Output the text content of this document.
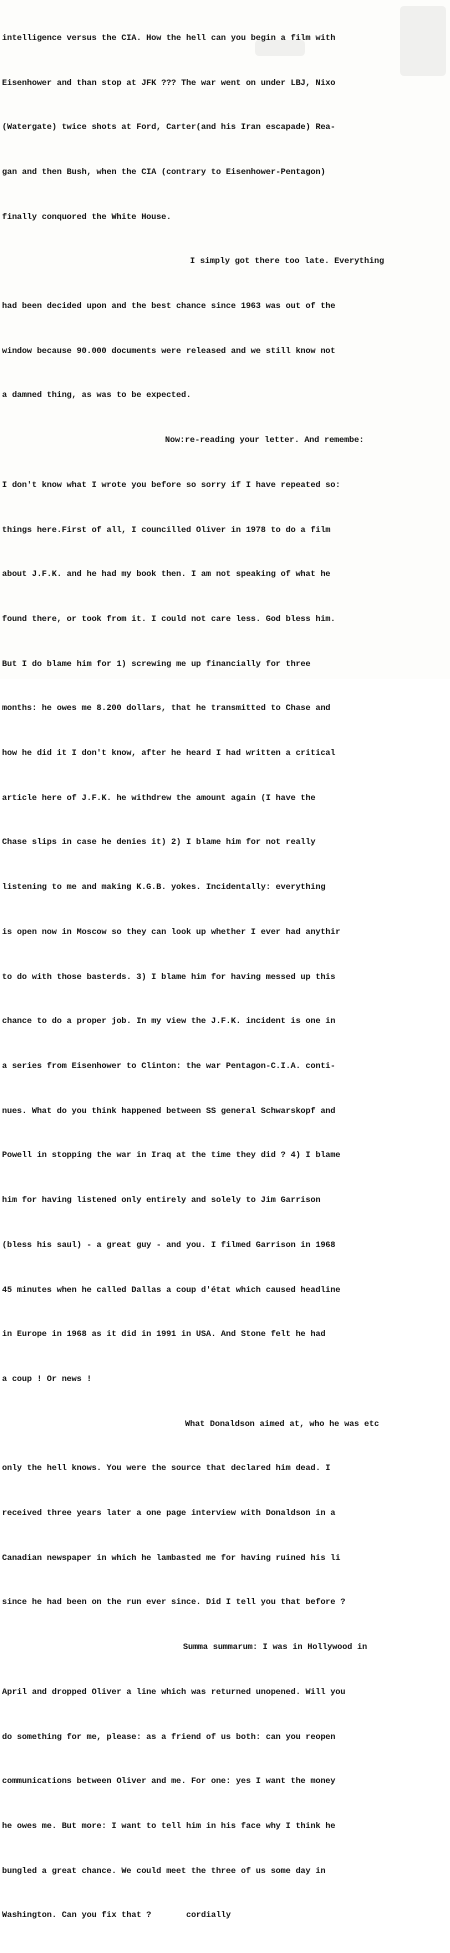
intelligence versus the CIA. How the hell can you begin a film with

Eisenhower and than stop at JFK ??? The war went on under LBJ, Nixo

(Watergate) twice shots at Ford, Carter(and his Iran escapade) Rea-

gan and then Bush, when the CIA (contrary to Eisenhower-Pentagon)

finally conquored the White House.

I simply got there too late. Everything

had been decided upon and the best chance since 1963 was out of the

window because 90.000 documents were released and we still know not

a damned thing, as was to be expected.

Now:re-reading your letter. And remembe:

I don't know what I wrote you before so sorry if I have repeated so:

things here.First of all, I councilled Oliver in 1978 to do a film

about J.F.K. and he had my book then. I am not speaking of what he

found there, or took from it. I could not care less. God bless him.

But I do blame him for 1) screwing me up financially for three

months: he owes me 8.200 dollars, that he transmitted to Chase and

how he did it I don't know, after he heard I had written a critical

article here of J.F.K. he withdrew the amount again (I have the

Chase slips in case he denies it) 2) I blame him for not really

listening to me and making K.G.B. yokes. Incidentally: everything

is open now in Moscow so they can look up whether I ever had anythir

to do with those basterds. 3) I blame him for having messed up this

chance to do a proper job. In my view the J.F.K. incident is one in

a series from Eisenhower to Clinton: the war Pentagon-C.I.A. conti-

nues. What do you think happened between SS general Schwarskopf and

Powell in stopping the war in Iraq at the time they did ? 4) I blame

him for having listened only entirely and solely to Jim Garrison

(bless his saul) - a great guy - and you. I filmed Garrison in 1968

45 minutes when he called Dallas a coup d'état which caused headline

in Europe in 1968 as it did in 1991 in USA. And Stone felt he had

a coup ! Or news !

What Donaldson aimed at, who he was etc

only the hell knows. You were the source that declared him dead. I

received three years later a one page interview with Donaldson in a

Canadian newspaper in which he lambasted me for having ruined his li

since he had been on the run ever since. Did I tell you that before ?

Summa summarum: I was in Hollywood in

April and dropped Oliver a line which was returned unopened. Will you

do something for me, please: as a friend of us both: can you reopen

communications between Oliver and me. For one: yes I want the money

he owes me. But more: I want to tell him in his face why I think he

bungled a great chance. We could meet the three of us some day in

Washington. Can you fix that ?       cordially
